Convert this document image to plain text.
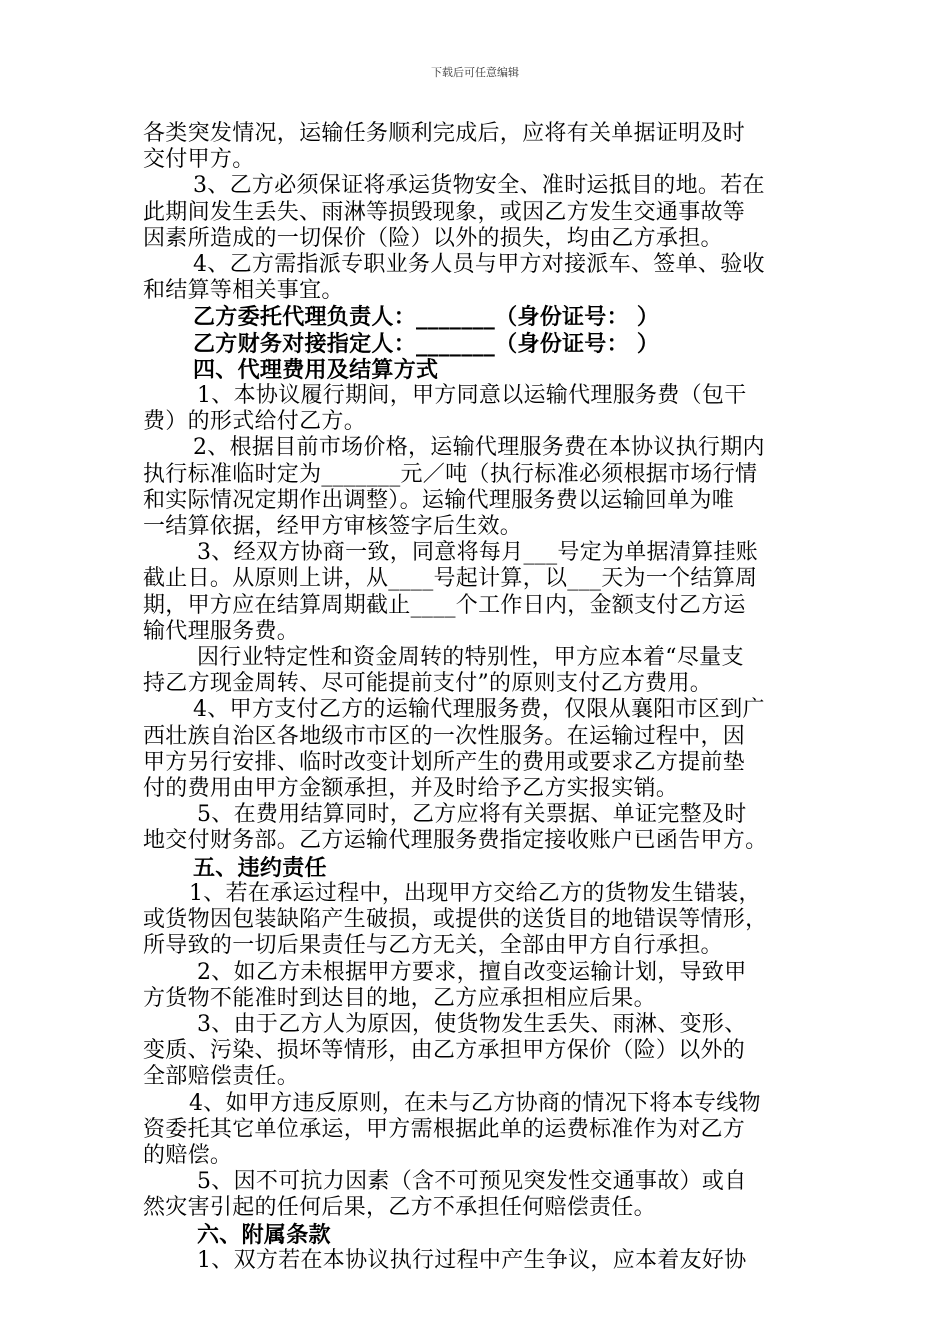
下载后可任意编辑

各类突发情况，运输任务顺利完成后，应将有关单据证明及时

交付甲方。

3、乙方必须保证将承运货物安全、准时运抵目的地。若在

此期间发生丢失、雨淋等损毁现象，或因乙方发生交通事故等

因素所造成的一切保价（险）以外的损失，均由乙方承担。

4、乙方需指派专职业务人员与甲方对接派车、签单、验收

和结算等相关事宜。

乙方委托代理负责人：_______（身份证号： ）

乙方财务对接指定人：_______（身份证号： ）

四、代理费用及结算方式

1、本协议履行期间，甲方同意以运输代理服务费（包干

费）的形式给付乙方。

2、根据目前市场价格，运输代理服务费在本协议执行期内

执行标准临时定为_______元／吨（执行标准必须根据市场行情

和实际情况定期作出调整）。运输代理服务费以运输回单为唯

一结算依据，经甲方审核签字后生效。

3、经双方协商一致，同意将每月___号定为单据清算挂账

截止日。从原则上讲，从____号起计算，以___天为一个结算周

期，甲方应在结算周期截止____个工作日内，金额支付乙方运

输代理服务费。

因行业特定性和资金周转的特别性，甲方应本着“尽量支

持乙方现金周转、尽可能提前支付”的原则支付乙方费用。

4、甲方支付乙方的运输代理服务费，仅限从襄阳市区到广

西壮族自治区各地级市市区的一次性服务。在运输过程中，因

甲方另行安排、临时改变计划所产生的费用或要求乙方提前垫

付的费用由甲方金额承担，并及时给予乙方实报实销。

5、在费用结算同时，乙方应将有关票据、单证完整及时

地交付财务部。乙方运输代理服务费指定接收账户已函告甲方。

五、违约责任

1、若在承运过程中，出现甲方交给乙方的货物发生错装，

或货物因包装缺陷产生破损，或提供的送货目的地错误等情形，

所导致的一切后果责任与乙方无关，全部由甲方自行承担。

2、如乙方未根据甲方要求，擅自改变运输计划，导致甲

方货物不能准时到达目的地，乙方应承担相应后果。

3、由于乙方人为原因，使货物发生丢失、雨淋、变形、

变质、污染、损坏等情形，由乙方承担甲方保价（险）以外的

全部赔偿责任。

4、如甲方违反原则，在未与乙方协商的情况下将本专线物

资委托其它单位承运，甲方需根据此单的运费标准作为对乙方

的赔偿。

5、因不可抗力因素（含不可预见突发性交通事故）或自

然灾害引起的任何后果，乙方不承担任何赔偿责任。

六、附属条款

1、双方若在本协议执行过程中产生争议，应本着友好协
